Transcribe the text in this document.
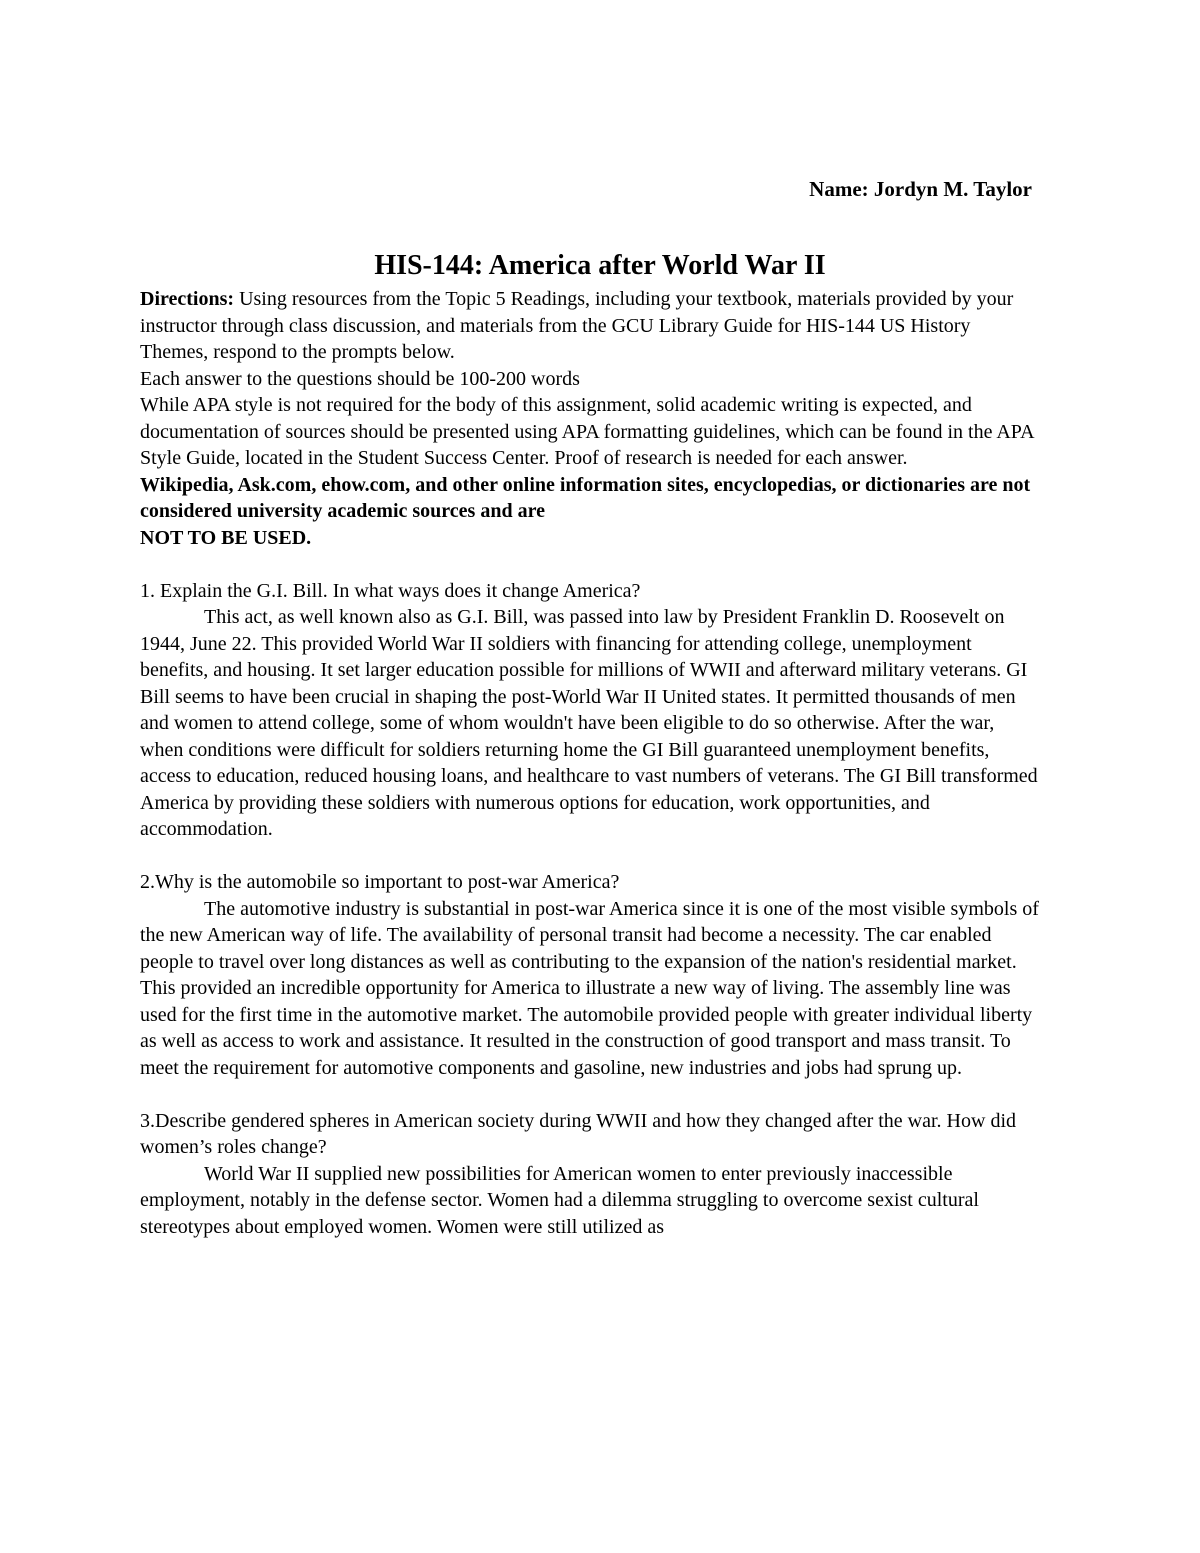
Name: Jordyn M. Taylor
HIS-144: America after World War II

Directions: Using resources from the Topic 5 Readings, including your textbook, materials provided by your instructor through class discussion, and materials from the GCU Library Guide for HIS-144 US History Themes, respond to the prompts below.

Each answer to the questions should be 100-200 words

While APA style is not required for the body of this assignment, solid academic writing is expected, and documentation of sources should be presented using APA formatting guidelines, which can be found in the APA Style Guide, located in the Student Success Center. Proof of research is needed for each answer.

Wikipedia, Ask.com, ehow.com, and other online information sites, encyclopedias, or dictionaries are not considered university academic sources and are

NOT TO BE USED.

1. Explain the G.I. Bill. In what ways does it change America?

This act, as well known also as G.I. Bill, was passed into law by President Franklin D. Roosevelt on 1944, June 22. This provided World War II soldiers with financing for attending college, unemployment benefits, and housing. It set larger education possible for millions of WWII and afterward military veterans. GI Bill seems to have been crucial in shaping the post-World War II United states. It permitted thousands of men and women to attend college, some of whom wouldn't have been eligible to do so otherwise. After the war, when conditions were difficult for soldiers returning home the GI Bill guaranteed unemployment benefits, access to education, reduced housing loans, and healthcare to vast numbers of veterans. The GI Bill transformed America by providing these soldiers with numerous options for education, work opportunities, and accommodation.

2.Why is the automobile so important to post-war America?

The automotive industry is substantial in post-war America since it is one of the most visible symbols of the new American way of life. The availability of personal transit had become a necessity. The car enabled people to travel over long distances as well as contributing to the expansion of the nation's residential market. This provided an incredible opportunity for America to illustrate a new way of living. The assembly line was used for the first time in the automotive market. The automobile provided people with greater individual liberty as well as access to work and assistance. It resulted in the construction of good transport and mass transit. To meet the requirement for automotive components and gasoline, new industries and jobs had sprung up.

3.Describe gendered spheres in American society during WWII and how they changed after the war. How did women’s roles change?

World War II supplied new possibilities for American women to enter previously inaccessible employment, notably in the defense sector. Women had a dilemma struggling to overcome sexist cultural stereotypes about employed women. Women were still utilized as
